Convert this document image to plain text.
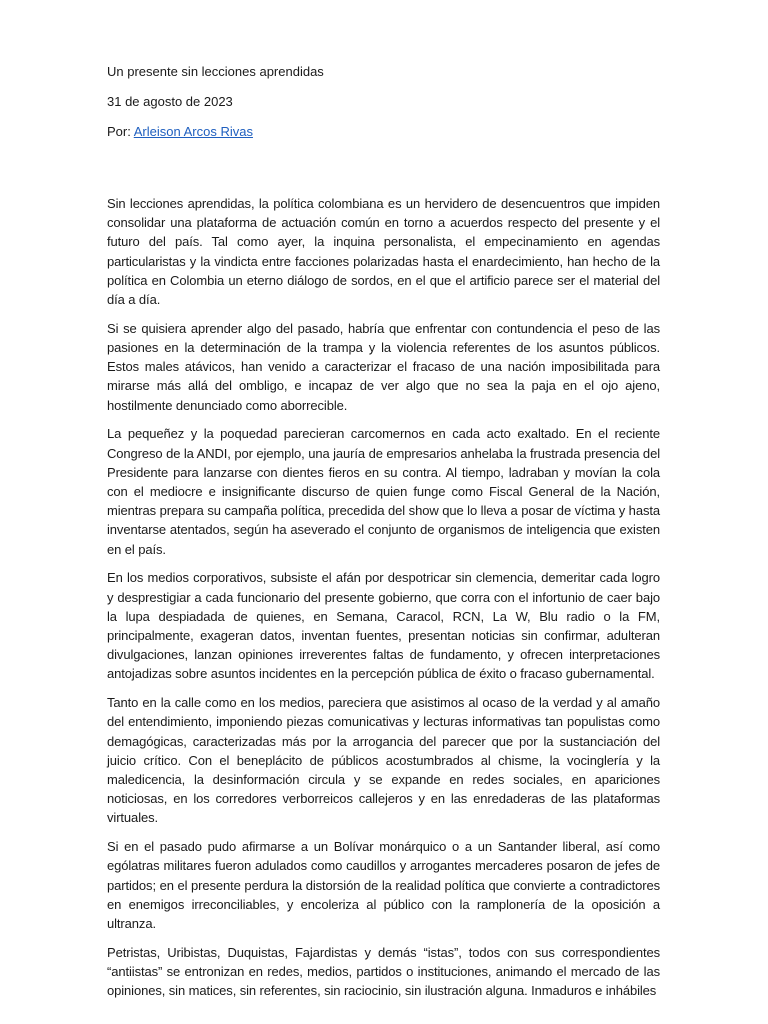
Un presente sin lecciones aprendidas

31 de agosto de 2023

Por: Arleison Arcos Rivas

Sin lecciones aprendidas, la política colombiana es un hervidero de desencuentros que impiden consolidar una plataforma de actuación común en torno a acuerdos respecto del presente y el futuro del país. Tal como ayer, la inquina personalista, el empecinamiento en agendas particularistas y la vindicta entre facciones polarizadas hasta el enardecimiento, han hecho de la política en Colombia un eterno diálogo de sordos, en el que el artificio parece ser el material del día a día.

Si se quisiera aprender algo del pasado, habría que enfrentar con contundencia el peso de las pasiones en la determinación de la trampa y la violencia referentes de los asuntos públicos. Estos males atávicos, han venido a caracterizar el fracaso de una nación imposibilitada para mirarse más allá del ombligo, e incapaz de ver algo que no sea la paja en el ojo ajeno, hostilmente denunciado como aborrecible.

La pequeñez y la poquedad parecieran carcomernos en cada acto exaltado. En el reciente Congreso de la ANDI, por ejemplo, una jauría de empresarios anhelaba la frustrada presencia del Presidente para lanzarse con dientes fieros en su contra. Al tiempo, ladraban y movían la cola con el mediocre e insignificante discurso de quien funge como Fiscal General de la Nación, mientras prepara su campaña política, precedida del show que lo lleva a posar de víctima y hasta inventarse atentados, según ha aseverado el conjunto de organismos de inteligencia que existen en el país.

En los medios corporativos, subsiste el afán por despotricar sin clemencia, demeritar cada logro y desprestigiar a cada funcionario del presente gobierno, que corra con el infortunio de caer bajo la lupa despiadada de quienes, en Semana, Caracol, RCN, La W, Blu radio o la FM, principalmente, exageran datos, inventan fuentes, presentan noticias sin confirmar, adulteran divulgaciones, lanzan opiniones irreverentes faltas de fundamento, y ofrecen interpretaciones antojadizas sobre asuntos incidentes en la percepción pública de éxito o fracaso gubernamental.

Tanto en la calle como en los medios, pareciera que asistimos al ocaso de la verdad y al amaño del entendimiento, imponiendo piezas comunicativas y lecturas informativas tan populistas como demagógicas, caracterizadas más por la arrogancia del parecer que por la sustanciación del juicio crítico. Con el beneplácito de públicos acostumbrados al chisme, la vocinglería y la maledicencia, la desinformación circula y se expande en redes sociales, en apariciones noticiosas, en los corredores verborreicos callejeros y en las enredaderas de las plataformas virtuales.

Si en el pasado pudo afirmarse a un Bolívar monárquico o a un Santander liberal, así como ególatras militares fueron adulados como caudillos y arrogantes mercaderes posaron de jefes de partidos; en el presente perdura la distorsión de la realidad política que convierte a contradictores en enemigos irreconciliables, y encoleriza al público con la ramplonería de la oposición a ultranza.

Petristas, Uribistas, Duquistas, Fajardistas y demás “istas”, todos con sus correspondientes “antiistas” se entronizan en redes, medios, partidos o instituciones, animando el mercado de las opiniones, sin matices, sin referentes, sin raciocinio, sin ilustración alguna. Inmaduros e inhábiles
